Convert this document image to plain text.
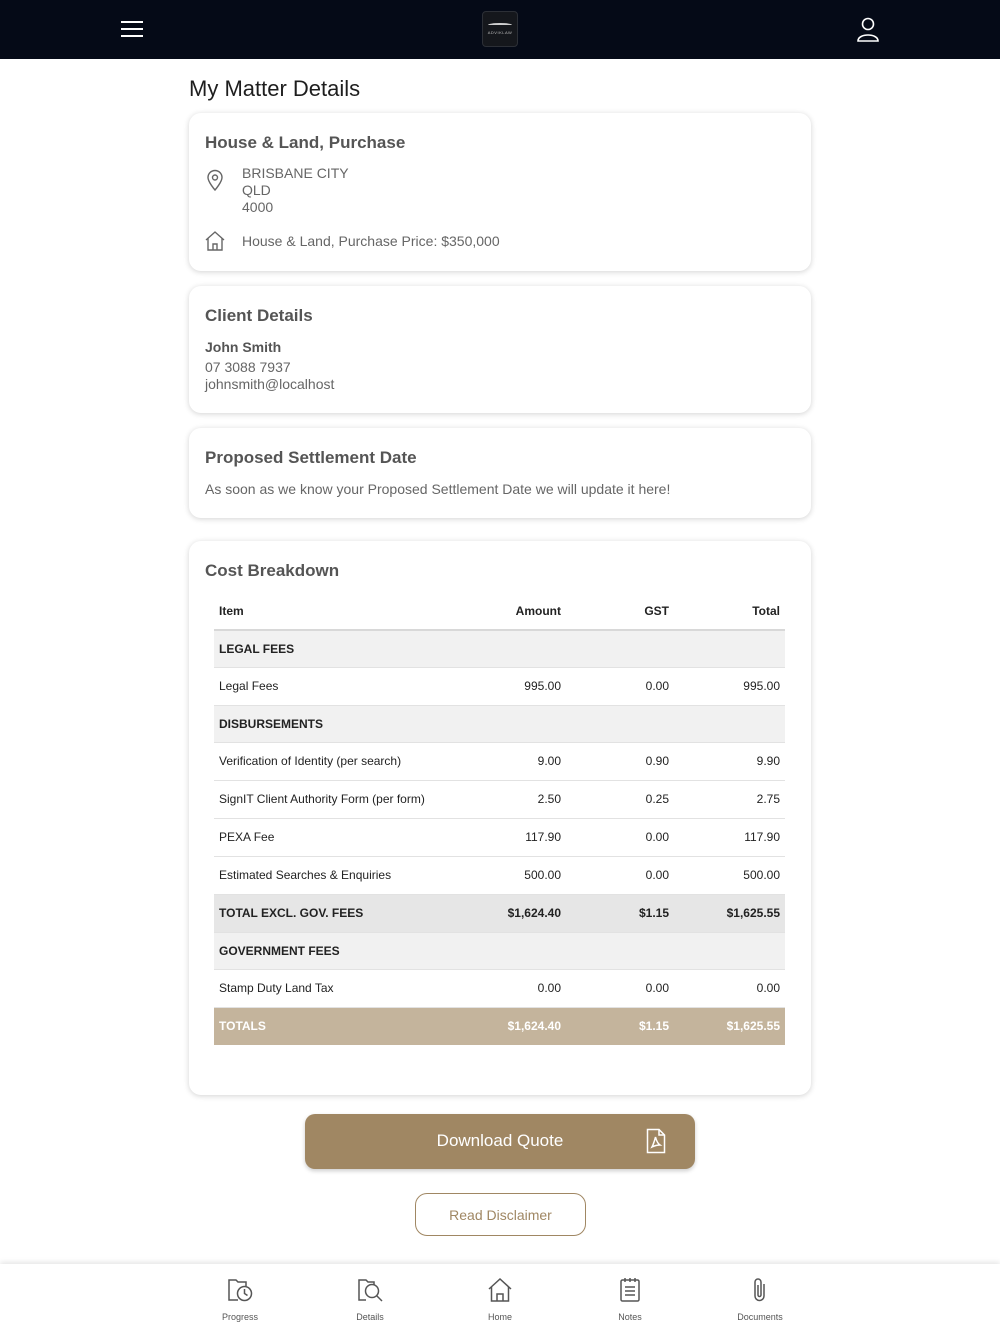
ADVIKLAW
My Matter Details
House & Land, Purchase
BRISBANE CITY
QLD
4000
House & Land, Purchase Price: $350,000
Client Details
John Smith
07 3088 7937
johnsmith@localhost
Proposed Settlement Date
As soon as we know your Proposed Settlement Date we will update it here!
Cost Breakdown
Item	Amount	GST	Total
LEGAL FEES			
Legal Fees	995.00	0.00	995.00
DISBURSEMENTS			
Verification of Identity (per search)	9.00	0.90	9.90
SignIT Client Authority Form (per form)	2.50	0.25	2.75
PEXA Fee	117.90	0.00	117.90
Estimated Searches & Enquiries	500.00	0.00	500.00
TOTAL EXCL. GOV. FEES	$1,624.40	$1.15	$1,625.55
GOVERNMENT FEES			
Stamp Duty Land Tax	0.00	0.00	0.00
TOTALS	$1,624.40	$1.15	$1,625.55
Download Quote
Read Disclaimer
Progress	Details	Home	Notes	Documents
